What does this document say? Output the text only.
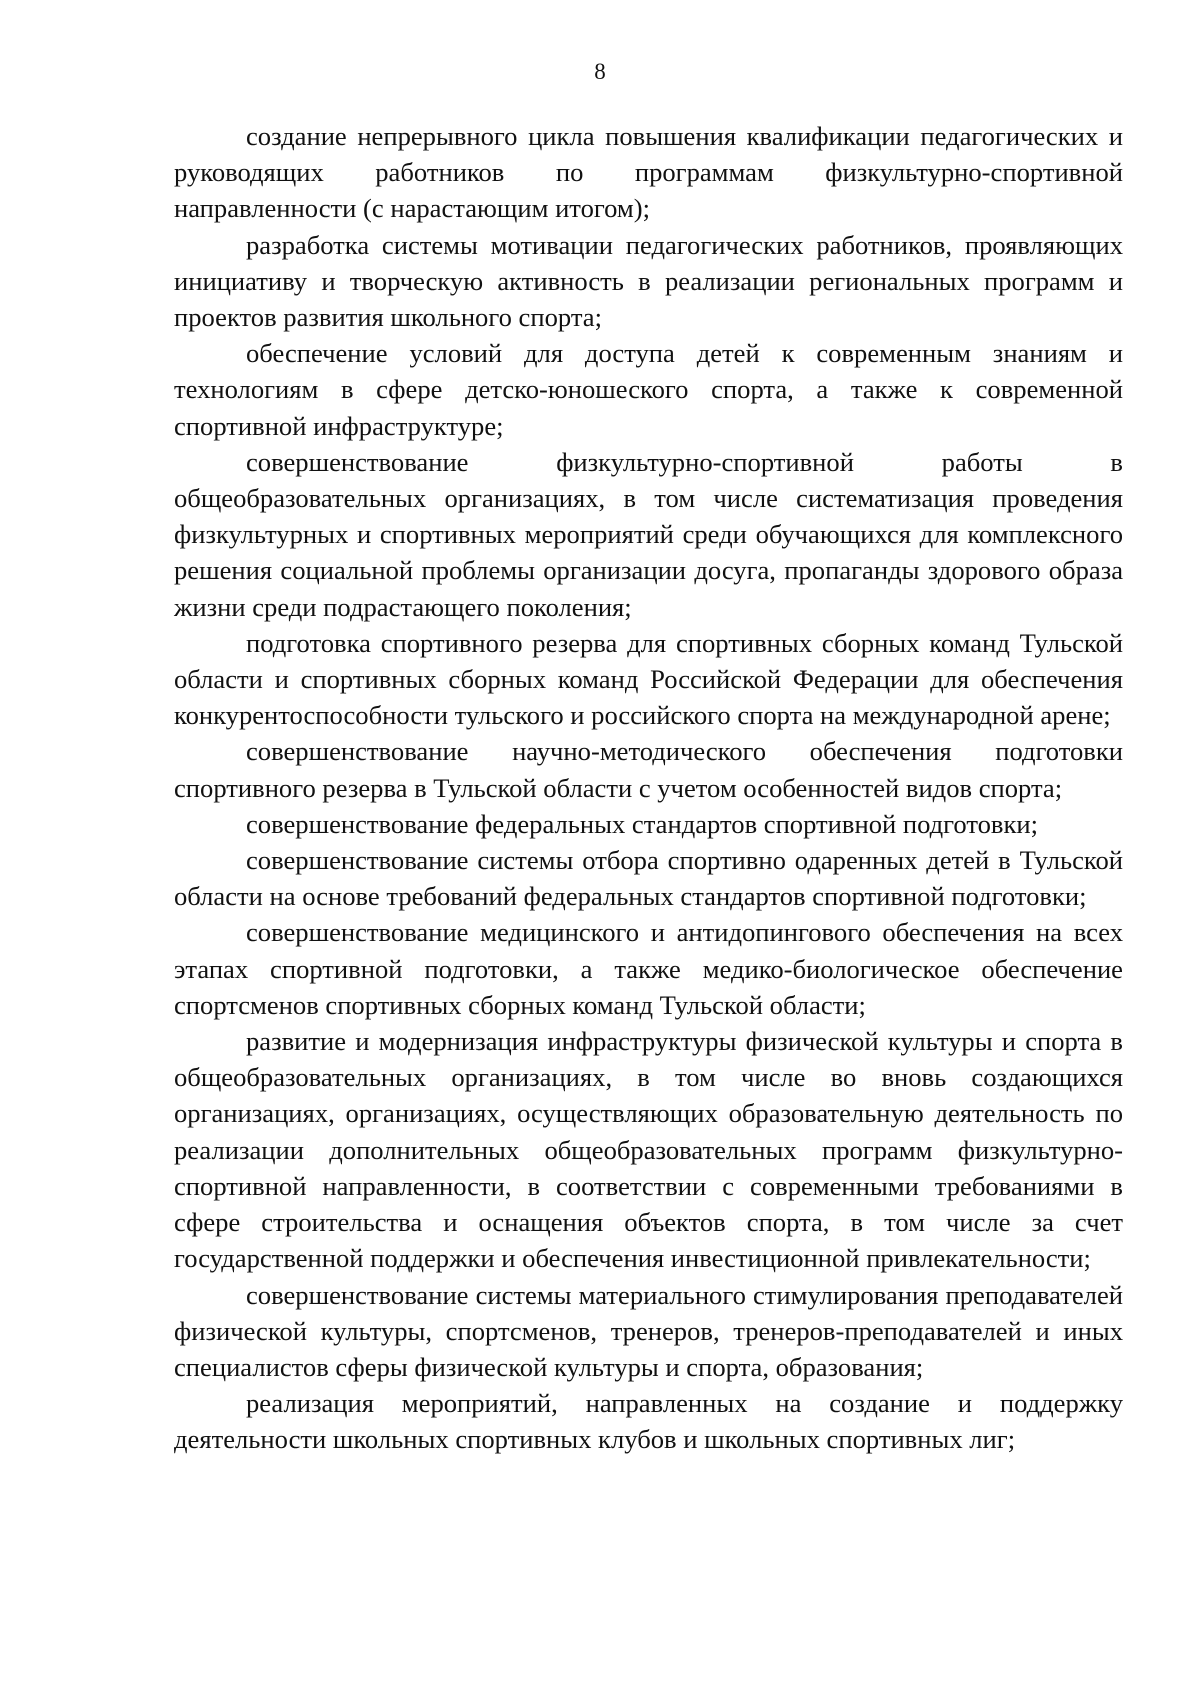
8

создание непрерывного цикла повышения квалификации педагогических и руководящих работников по программам физкультурно-спортивной направленности (с нарастающим итогом);

разработка системы мотивации педагогических работников, проявляющих инициативу и творческую активность в реализации региональных программ и проектов развития школьного спорта;

обеспечение условий для доступа детей к современным знаниям и технологиям в сфере детско-юношеского спорта, а также к современной спортивной инфраструктуре;

совершенствование физкультурно-спортивной работы в общеобразовательных организациях, в том числе систематизация проведения физкультурных и спортивных мероприятий среди обучающихся для комплексного решения социальной проблемы организации досуга, пропаганды здорового образа жизни среди подрастающего поколения;

подготовка спортивного резерва для спортивных сборных команд Тульской области и спортивных сборных команд Российской Федерации для обеспечения конкурентоспособности тульского и российского спорта на международной арене;

совершенствование научно-методического обеспечения подготовки спортивного резерва в Тульской области с учетом особенностей видов спорта;

совершенствование федеральных стандартов спортивной подготовки;

совершенствование системы отбора спортивно одаренных детей в Тульской области на основе требований федеральных стандартов спортивной подготовки;

совершенствование медицинского и антидопингового обеспечения на всех этапах спортивной подготовки, а также медико-биологическое обеспечение спортсменов спортивных сборных команд Тульской области;

развитие и модернизация инфраструктуры физической культуры и спорта в общеобразовательных организациях, в том числе во вновь создающихся организациях, организациях, осуществляющих образовательную деятельность по реализации дополнительных общеобразовательных программ физкультурно-спортивной направленности, в соответствии с современными требованиями в сфере строительства и оснащения объектов спорта, в том числе за счет государственной поддержки и обеспечения инвестиционной привлекательности;

совершенствование системы материального стимулирования преподавателей физической культуры, спортсменов, тренеров, тренеров-преподавателей и иных специалистов сферы физической культуры и спорта, образования;

реализация мероприятий, направленных на создание и поддержку деятельности школьных спортивных клубов и школьных спортивных лиг;
